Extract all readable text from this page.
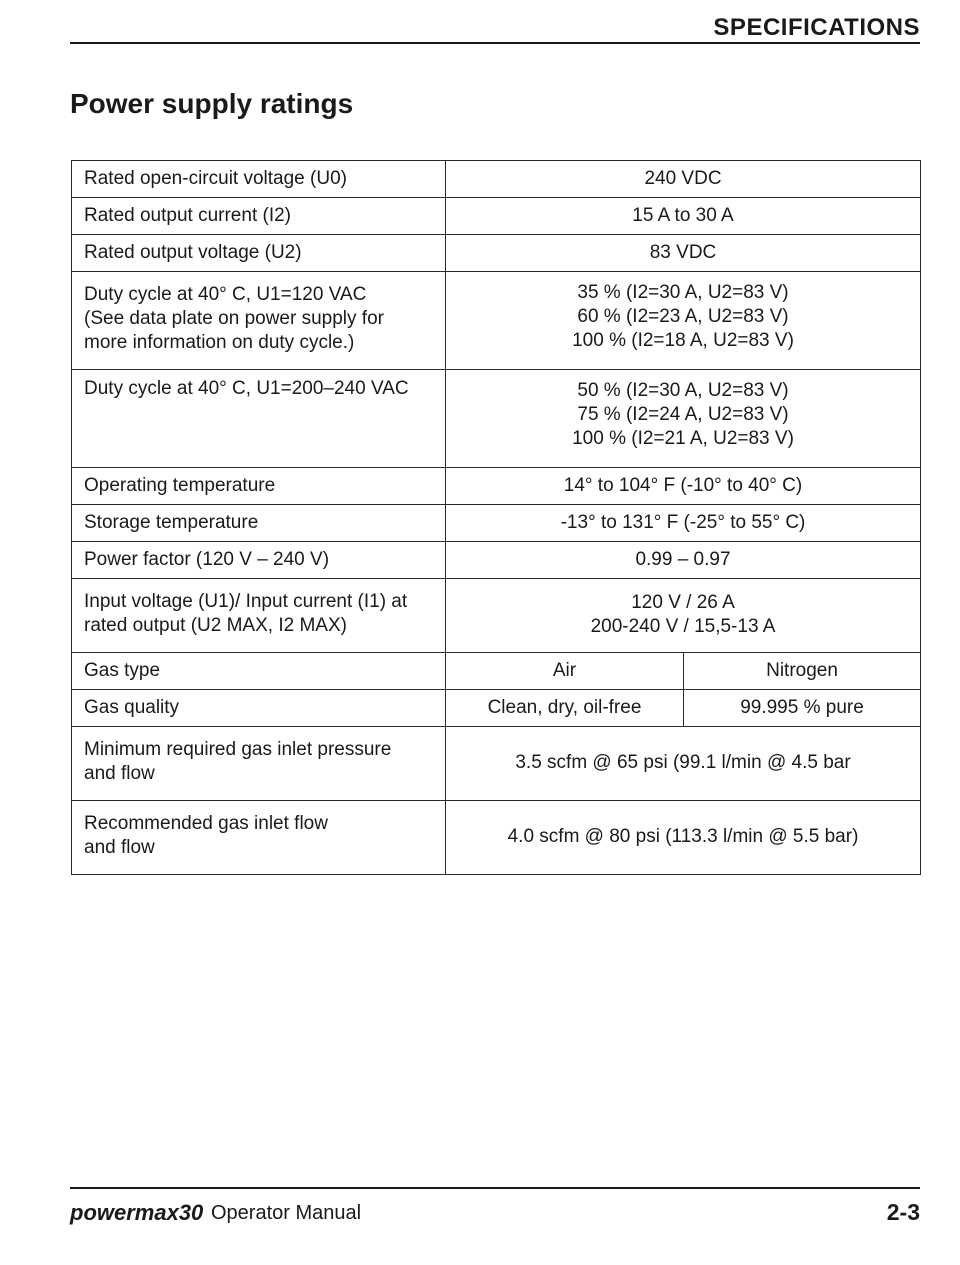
SPECIFICATIONS
Power supply ratings
Rated open-circuit voltage (U0)	240 VDC	
Rated output current (I2)	15 A to 30 A	
Rated output voltage (U2)	83 VDC	

Duty cycle at 40° C, U1=120 VAC
(See data plate on power supply for
more information on duty cycle.)	35 % (I2=30 A, U2=83 V)
60 % (I2=23 A, U2=83 V)
100 % (I2=18 A, U2=83 V)	

Duty cycle at 40° C, U1=200–240 VAC	50 % (I2=30 A, U2=83 V)
75 % (I2=24 A, U2=83 V)
100 % (I2=21 A, U2=83 V)	

Operating temperature	14° to 104° F (-10° to 40° C)	
Storage temperature	-13° to 131° F (-25° to 55° C)	
Power factor (120 V – 240 V)	0.99 – 0.97	

Input voltage (U1)/ Input current (I1) at
rated output (U2 MAX, I2 MAX)	120 V / 26 A
200-240 V / 15,5-13 A	

Gas type	Air	Nitrogen
Gas quality	Clean, dry, oil-free	99.995 % pure

Minimum required gas inlet pressure
and flow	3.5 scfm @ 65 psi (99.1 l/min @ 4.5 bar	

Recommended gas inlet flow
and flow	4.0 scfm @ 80 psi (113.3 l/min @ 5.5 bar)	
powermax30 Operator Manual	2-3
